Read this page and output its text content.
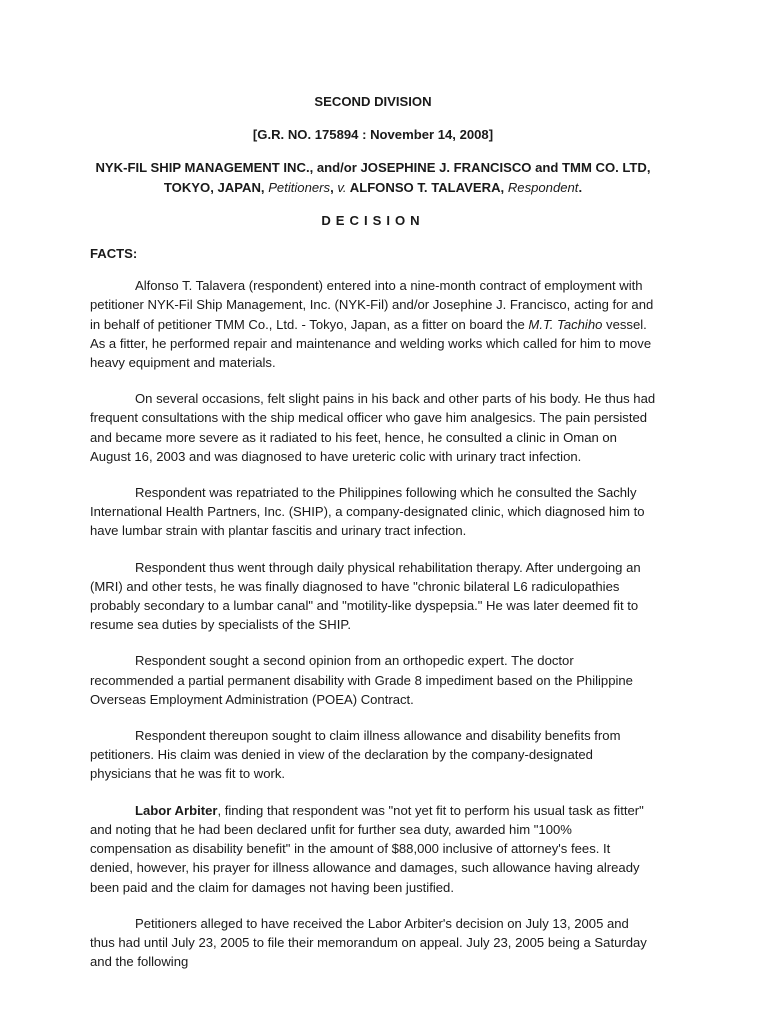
SECOND DIVISION
[G.R. NO. 175894 : November 14, 2008]
NYK-FIL SHIP MANAGEMENT INC., and/or JOSEPHINE J. FRANCISCO and TMM CO. LTD, TOKYO, JAPAN, Petitioners, v. ALFONSO T. TALAVERA, Respondent.
DECISION
FACTS:

Alfonso T. Talavera (respondent) entered into a nine-month contract of employment with petitioner NYK-Fil Ship Management, Inc. (NYK-Fil) and/or Josephine J. Francisco, acting for and in behalf of petitioner TMM Co., Ltd. - Tokyo, Japan, as a fitter on board the M.T. Tachiho vessel. As a fitter, he performed repair and maintenance and welding works which called for him to move heavy equipment and materials.

On several occasions, felt slight pains in his back and other parts of his body. He thus had frequent consultations with the ship medical officer who gave him analgesics. The pain persisted and became more severe as it radiated to his feet, hence, he consulted a clinic in Oman on August 16, 2003 and was diagnosed to have ureteric colic with urinary tract infection.

Respondent was repatriated to the Philippines following which he consulted the Sachly International Health Partners, Inc. (SHIP), a company-designated clinic, which diagnosed him to have lumbar strain with plantar fascitis and urinary tract infection.

Respondent thus went through daily physical rehabilitation therapy. After undergoing an (MRI) and other tests, he was finally diagnosed to have "chronic bilateral L6 radiculopathies probably secondary to a lumbar canal" and "motility-like dyspepsia." He was later deemed fit to resume sea duties by specialists of the SHIP.

Respondent sought a second opinion from an orthopedic expert. The doctor recommended a partial permanent disability with Grade 8 impediment based on the Philippine Overseas Employment Administration (POEA) Contract.

Respondent thereupon sought to claim illness allowance and disability benefits from petitioners. His claim was denied in view of the declaration by the company-designated physicians that he was fit to work.

Labor Arbiter, finding that respondent was "not yet fit to perform his usual task as fitter" and noting that he had been declared unfit for further sea duty, awarded him "100% compensation as disability benefit" in the amount of $88,000 inclusive of attorney's fees. It denied, however, his prayer for illness allowance and damages, such allowance having already been paid and the claim for damages not having been justified.

Petitioners alleged to have received the Labor Arbiter's decision on July 13, 2005 and thus had until July 23, 2005 to file their memorandum on appeal. July 23, 2005 being a Saturday and the following
